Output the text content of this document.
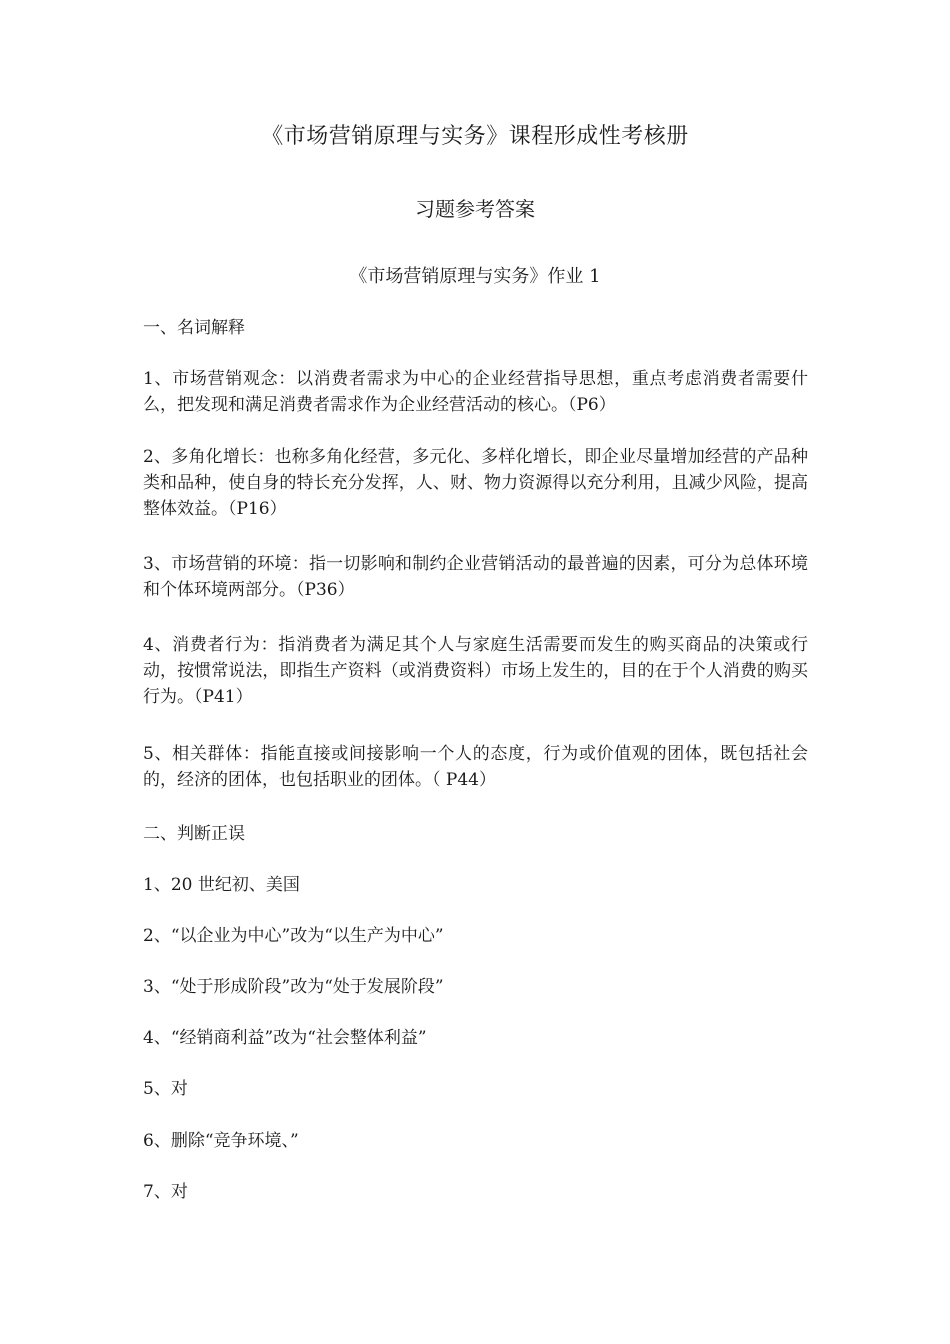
《市场营销原理与实务》课程形成性考核册
习题参考答案
《市场营销原理与实务》作业 1
一、名词解释
1、市场营销观念：以消费者需求为中心的企业经营指导思想，重点考虑消费者需要什么，把发现和满足消费者需求作为企业经营活动的核心。（P6）
2、多角化增长：也称多角化经营，多元化、多样化增长，即企业尽量增加经营的产品种类和品种，使自身的特长充分发挥，人、财、物力资源得以充分利用，且减少风险，提高整体效益。（P16）
3、市场营销的环境：指一切影响和制约企业营销活动的最普遍的因素，可分为总体环境和个体环境两部分。（P36）
4、消费者行为：指消费者为满足其个人与家庭生活需要而发生的购买商品的决策或行动，按惯常说法，即指生产资料（或消费资料）市场上发生的，目的在于个人消费的购买行为。（P41）
5、相关群体：指能直接或间接影响一个人的态度，行为或价值观的团体，既包括社会的，经济的团体，也包括职业的团体。（ P44）
二、判断正误
1、20 世纪初、美国
2、“以企业为中心”改为“以生产为中心”
3、“处于形成阶段”改为“处于发展阶段”
4、“经销商利益”改为“社会整体利益”
5、对
6、删除“竞争环境、”
7、对
